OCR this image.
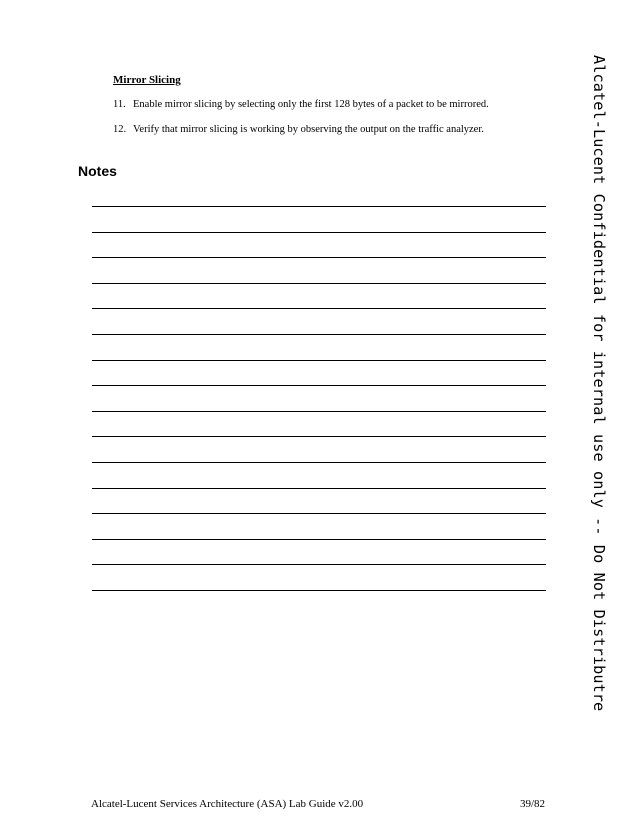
Mirror Slicing
11. Enable mirror slicing by selecting only the first 128 bytes of a packet to be mirrored.
12. Verify that mirror slicing is working by observing the output on the traffic analyzer.
Notes	Alcatel-Lucent Confidential for internal use only -- Do Not Distributre
Alcatel-Lucent Services Architecture (ASA) Lab Guide v2.00	39/82
